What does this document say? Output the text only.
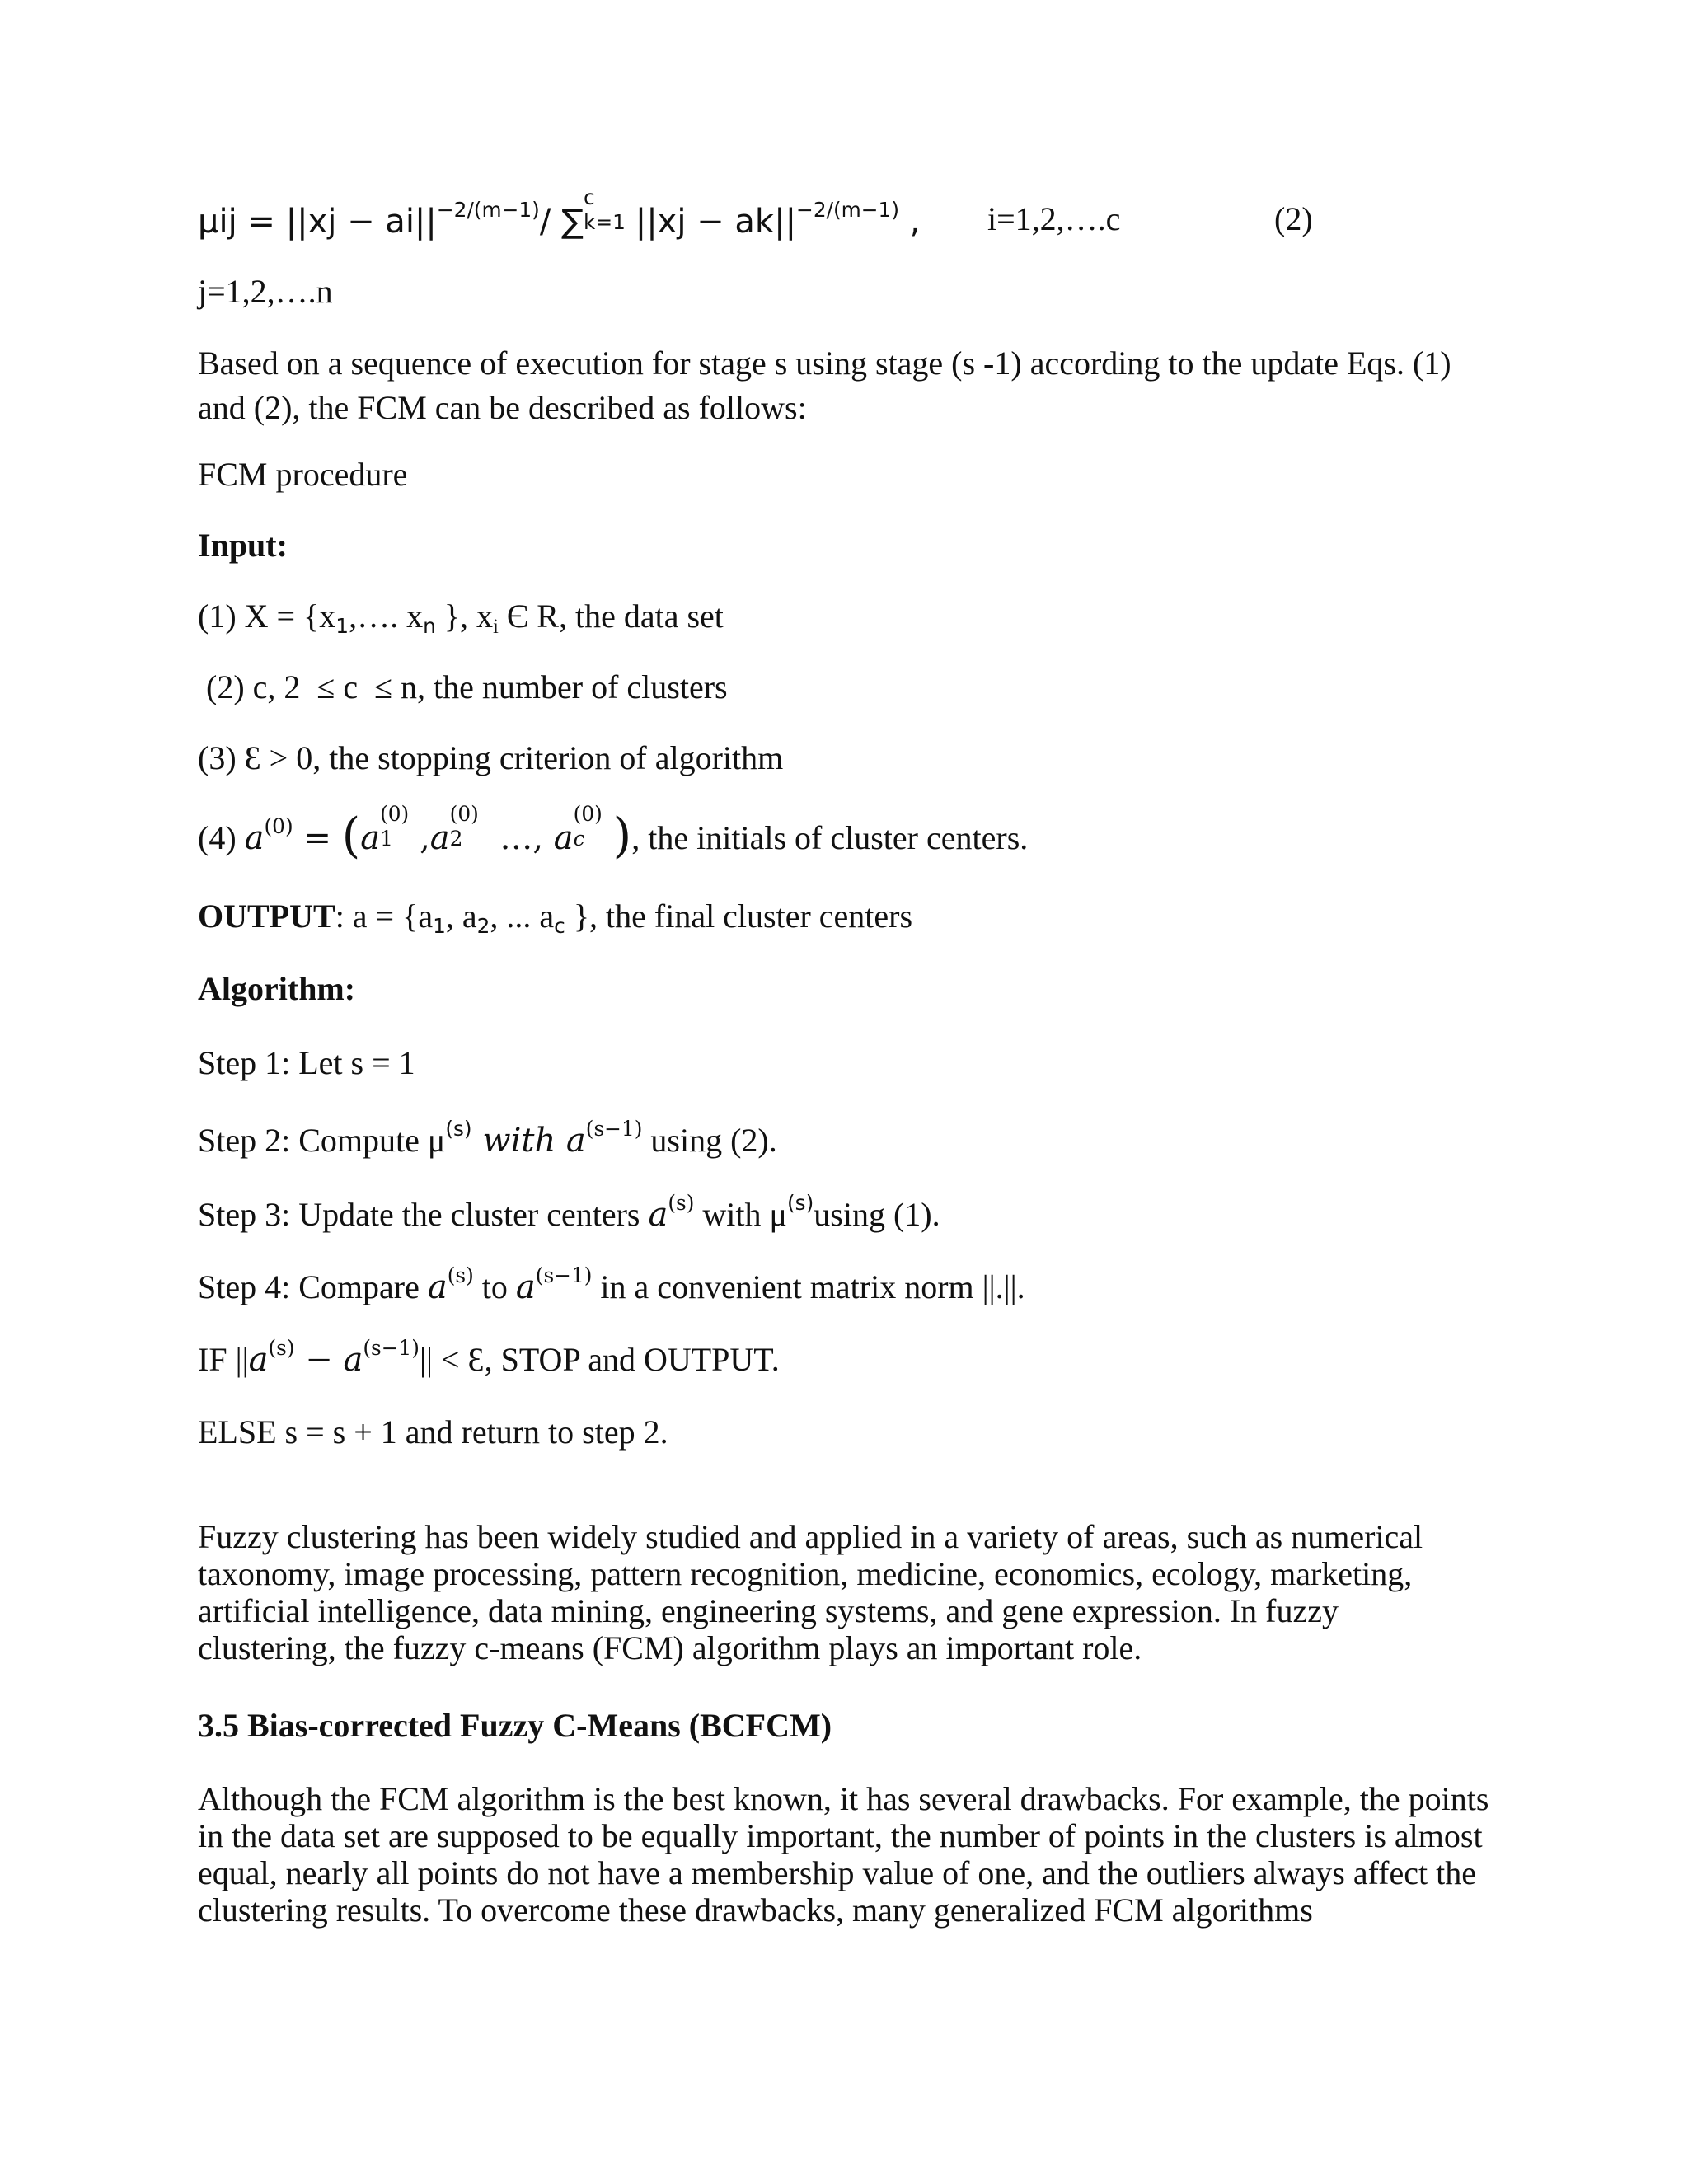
$\mu ij = ||xj - ai||^{-2/(m-1)}/$ ∑
c
k=1 $||xj - ak||^{-2/(m-1)}$ , i=1,2,….c	(2)
j=1,2,….n
Based on a sequence of execution for stage s using stage (s -1) according to the update Eqs. (1) and (2), the FCM can be described as follows:
FCM procedure
Input:
(1) $X = \{x_1,\dots$. $x_n$ }, $x_i$ Є R, the data set
(2) c, 2  ≤ c  ≤ n, the number of clusters
(3) Ɛ > 0, the stopping criterion of algorithm
(4) $a^{(0)} = (a$
(0)
1 ,a
(0)
2 …, a
(0)
c ), the initials of cluster centers.
OUTPUT: $a = \{a_1$, $a_2$, ... $a_c$ }, the final cluster centers
Algorithm:
Step 1: Let s = 1
Step 2: Compute $\mu^{(s)}$ with $a^{(s-1)}$ using (2).
Step 3: Update the cluster centers $a^{(s)}$ with $\mu^{(s)}using$ (1).
Step 4: Compare $a^{(s)}$ to $a^{(s-1)}$ in a convenient matrix norm ||.||.
IF $||a^{(s)} - a^{(s-1)}||$ < Ɛ, STOP and OUTPUT.
ELSE s = s + 1 and return to step 2.
Fuzzy clustering has been widely studied and applied in a variety of areas, such as numerical taxonomy, image processing, pattern recognition, medicine, economics, ecology, marketing, artificial intelligence, data mining, engineering systems, and gene expression. In fuzzy clustering, the fuzzy c-means (FCM) algorithm plays an important role.
3.5 Bias-corrected Fuzzy C-Means (BCFCM)
Although the FCM algorithm is the best known, it has several drawbacks. For example, the points in the data set are supposed to be equally important, the number of points in the clusters is almost equal, nearly all points do not have a membership value of one, and the outliers always affect the clustering results. To overcome these drawbacks, many generalized FCM algorithms
